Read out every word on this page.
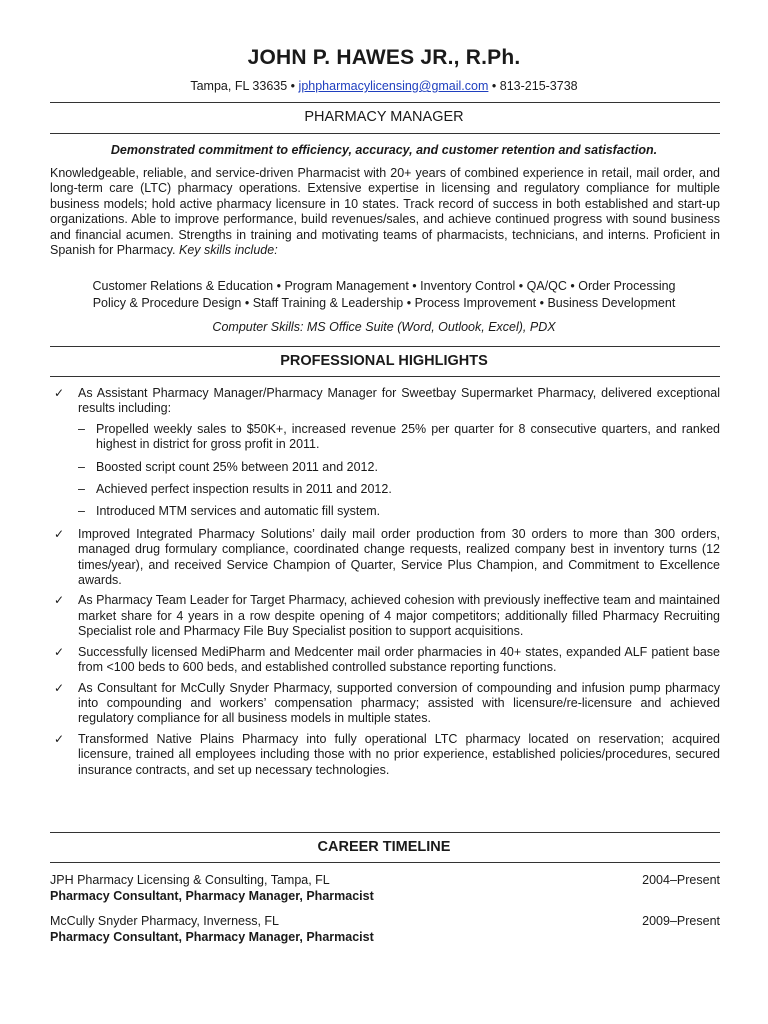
JOHN P. HAWES JR., R.Ph.
Tampa, FL 33635 • jphpharmacylicensing@gmail.com • 813-215-3738
PHARMACY MANAGER
Demonstrated commitment to efficiency, accuracy, and customer retention and satisfaction.
Knowledgeable, reliable, and service-driven Pharmacist with 20+ years of combined experience in retail, mail order, and long-term care (LTC) pharmacy operations. Extensive expertise in licensing and regulatory compliance for multiple business models; hold active pharmacy licensure in 10 states. Track record of success in both established and start-up organizations. Able to improve performance, build revenues/sales, and achieve continued progress with sound business and financial acumen. Strengths in training and motivating teams of pharmacists, technicians, and interns. Proficient in Spanish for Pharmacy. Key skills include:
Customer Relations & Education • Program Management • Inventory Control • QA/QC • Order Processing
Policy & Procedure Design • Staff Training & Leadership • Process Improvement • Business Development
Computer Skills: MS Office Suite (Word, Outlook, Excel), PDX
PROFESSIONAL HIGHLIGHTS
✓ As Assistant Pharmacy Manager/Pharmacy Manager for Sweetbay Supermarket Pharmacy, delivered exceptional results including:
– Propelled weekly sales to $50K+, increased revenue 25% per quarter for 8 consecutive quarters, and ranked highest in district for gross profit in 2011.
– Boosted script count 25% between 2011 and 2012.
– Achieved perfect inspection results in 2011 and 2012.
– Introduced MTM services and automatic fill system.
✓ Improved Integrated Pharmacy Solutions’ daily mail order production from 30 orders to more than 300 orders, managed drug formulary compliance, coordinated change requests, realized company best in inventory turns (12 times/year), and received Service Champion of Quarter, Service Plus Champion, and Commitment to Excellence awards.
✓ As Pharmacy Team Leader for Target Pharmacy, achieved cohesion with previously ineffective team and maintained market share for 4 years in a row despite opening of 4 major competitors; additionally filled Pharmacy Recruiting Specialist role and Pharmacy File Buy Specialist position to support acquisitions.
✓ Successfully licensed MediPharm and Medcenter mail order pharmacies in 40+ states, expanded ALF patient base from <100 beds to 600 beds, and established controlled substance reporting functions.
✓ As Consultant for McCully Snyder Pharmacy, supported conversion of compounding and infusion pump pharmacy into compounding and workers’ compensation pharmacy; assisted with licensure/re-licensure and achieved regulatory compliance for all business models in multiple states.
✓ Transformed Native Plains Pharmacy into fully operational LTC pharmacy located on reservation; acquired licensure, trained all employees including those with no prior experience, established policies/procedures, secured insurance contracts, and set up necessary technologies.
CAREER TIMELINE
JPH Pharmacy Licensing & Consulting, Tampa, FL	2004–Present
Pharmacy Consultant, Pharmacy Manager, Pharmacist
McCully Snyder Pharmacy, Inverness, FL	2009–Present
Pharmacy Consultant, Pharmacy Manager, Pharmacist
